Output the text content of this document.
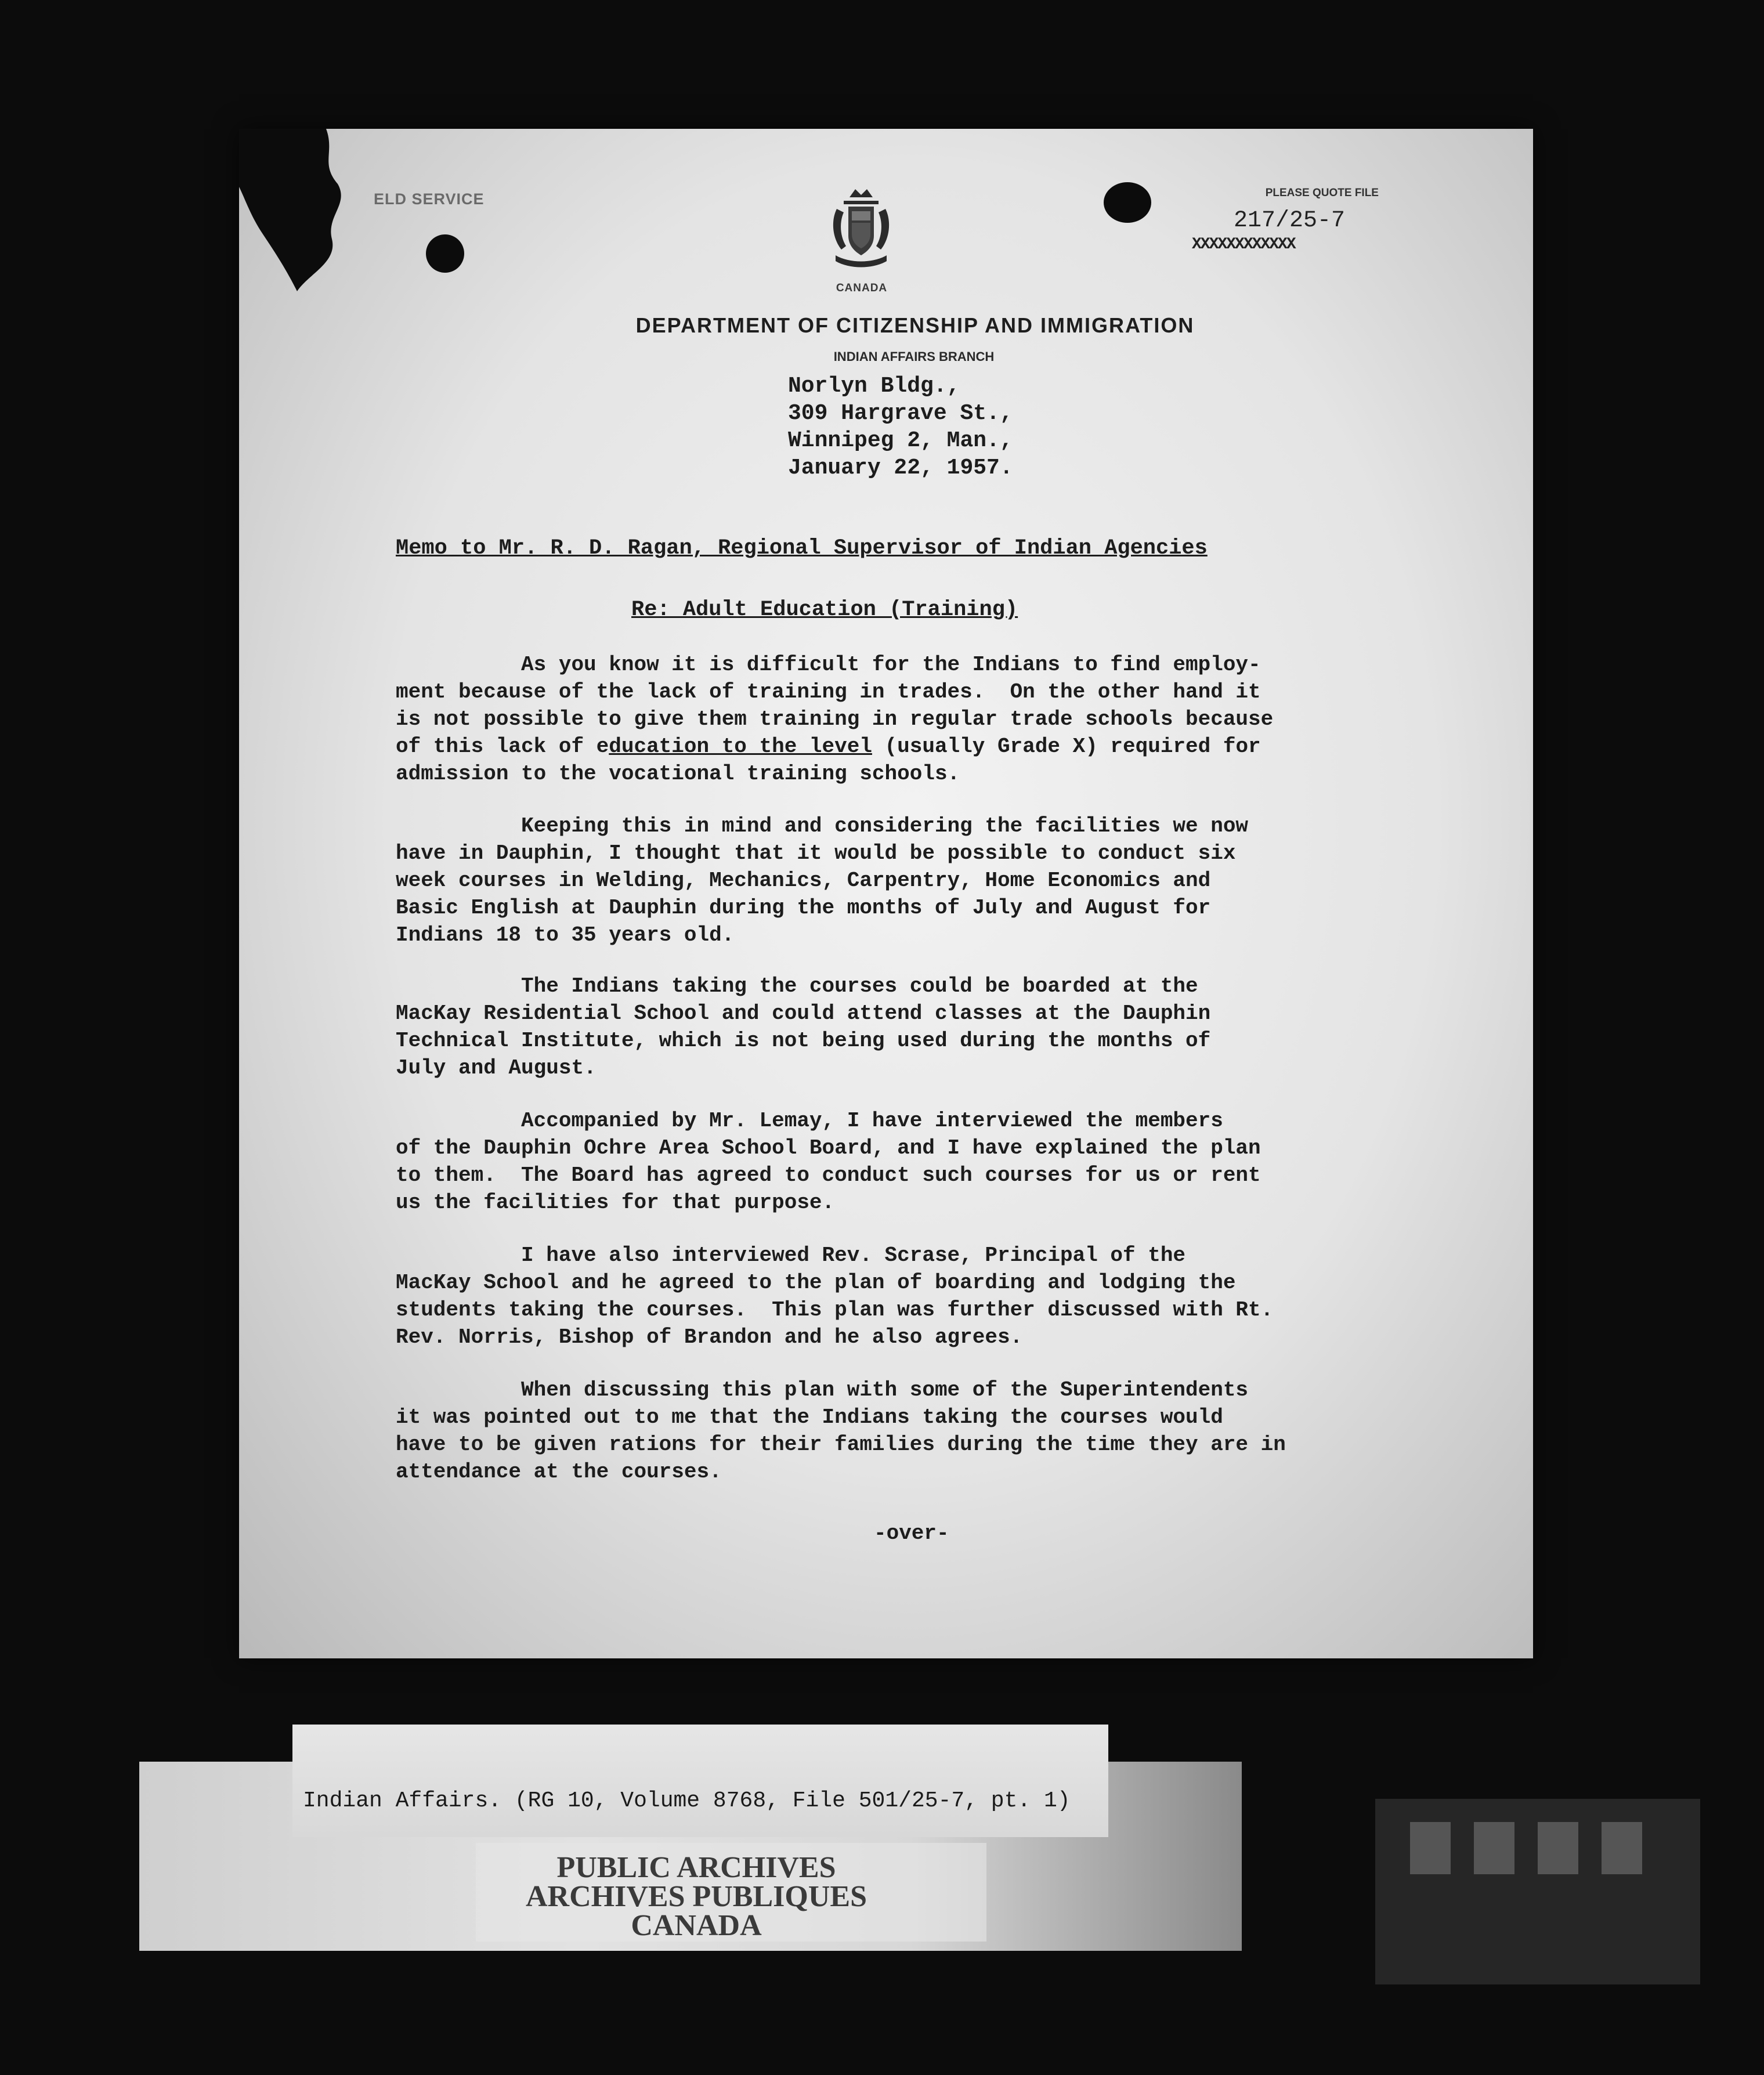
ELD SERVICE
CANADA
PLEASE QUOTE FILE
217/25-7
XXXXXXXXXXXX
DEPARTMENT OF CITIZENSHIP AND IMMIGRATION
INDIAN AFFAIRS BRANCH
Norlyn Bldg.,
309 Hargrave St.,
Winnipeg 2, Man.,
January 22, 1957.
Memo to Mr. R. D. Ragan, Regional Supervisor of Indian Agencies
Re: Adult Education (Training)
As you know it is difficult for the Indians to find employ-
ment because of the lack of training in trades.  On the other hand it
is not possible to give them training in regular trade schools because
of this lack of education to the level (usually Grade X) required for
admission to the vocational training schools.
Keeping this in mind and considering the facilities we now
have in Dauphin, I thought that it would be possible to conduct six
week courses in Welding, Mechanics, Carpentry, Home Economics and
Basic English at Dauphin during the months of July and August for
Indians 18 to 35 years old.
The Indians taking the courses could be boarded at the
MacKay Residential School and could attend classes at the Dauphin
Technical Institute, which is not being used during the months of
July and August.
Accompanied by Mr. Lemay, I have interviewed the members
of the Dauphin Ochre Area School Board, and I have explained the plan
to them.  The Board has agreed to conduct such courses for us or rent
us the facilities for that purpose.
I have also interviewed Rev. Scrase, Principal of the
MacKay School and he agreed to the plan of boarding and lodging the
students taking the courses.  This plan was further discussed with Rt.
Rev. Norris, Bishop of Brandon and he also agrees.
When discussing this plan with some of the Superintendents
it was pointed out to me that the Indians taking the courses would
have to be given rations for their families during the time they are in
attendance at the courses.
-over-
Indian Affairs. (RG 10, Volume 8768, File 501/25-7, pt. 1)
PUBLIC ARCHIVES
ARCHIVES PUBLIQUES
CANADA
